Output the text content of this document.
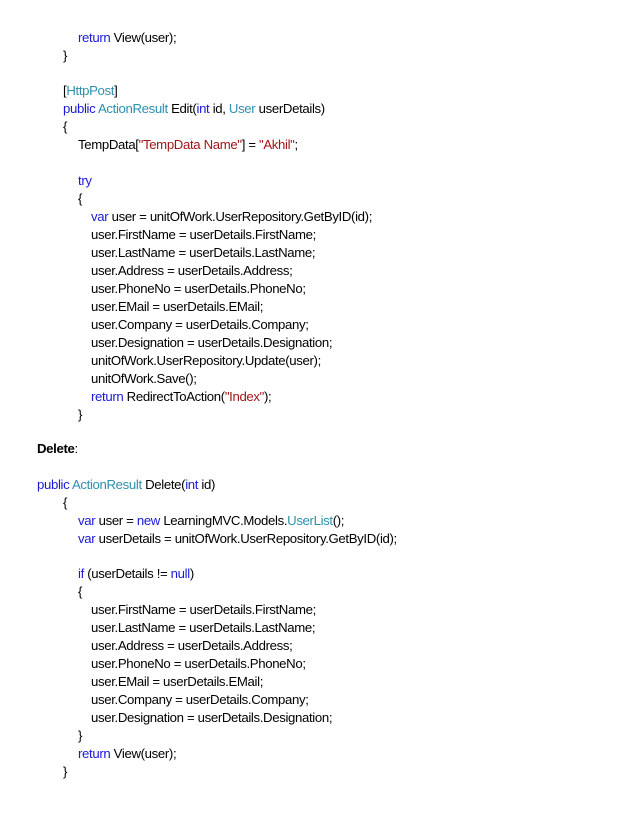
return View(user);
}
[HttpPost]
public ActionResult Edit(int id, User userDetails)
{
TempData["TempData Name"] = "Akhil";
try
{
var user = unitOfWork.UserRepository.GetByID(id);
user.FirstName = userDetails.FirstName;
user.LastName = userDetails.LastName;
user.Address = userDetails.Address;
user.PhoneNo = userDetails.PhoneNo;
user.EMail = userDetails.EMail;
user.Company = userDetails.Company;
user.Designation = userDetails.Designation;
unitOfWork.UserRepository.Update(user);
unitOfWork.Save();
return RedirectToAction("Index");
}
Delete:
public ActionResult Delete(int id)
{
var user = new LearningMVC.Models.UserList();
var userDetails = unitOfWork.UserRepository.GetByID(id);
if (userDetails != null)
{
user.FirstName = userDetails.FirstName;
user.LastName = userDetails.LastName;
user.Address = userDetails.Address;
user.PhoneNo = userDetails.PhoneNo;
user.EMail = userDetails.EMail;
user.Company = userDetails.Company;
user.Designation = userDetails.Designation;
}
return View(user);
}
